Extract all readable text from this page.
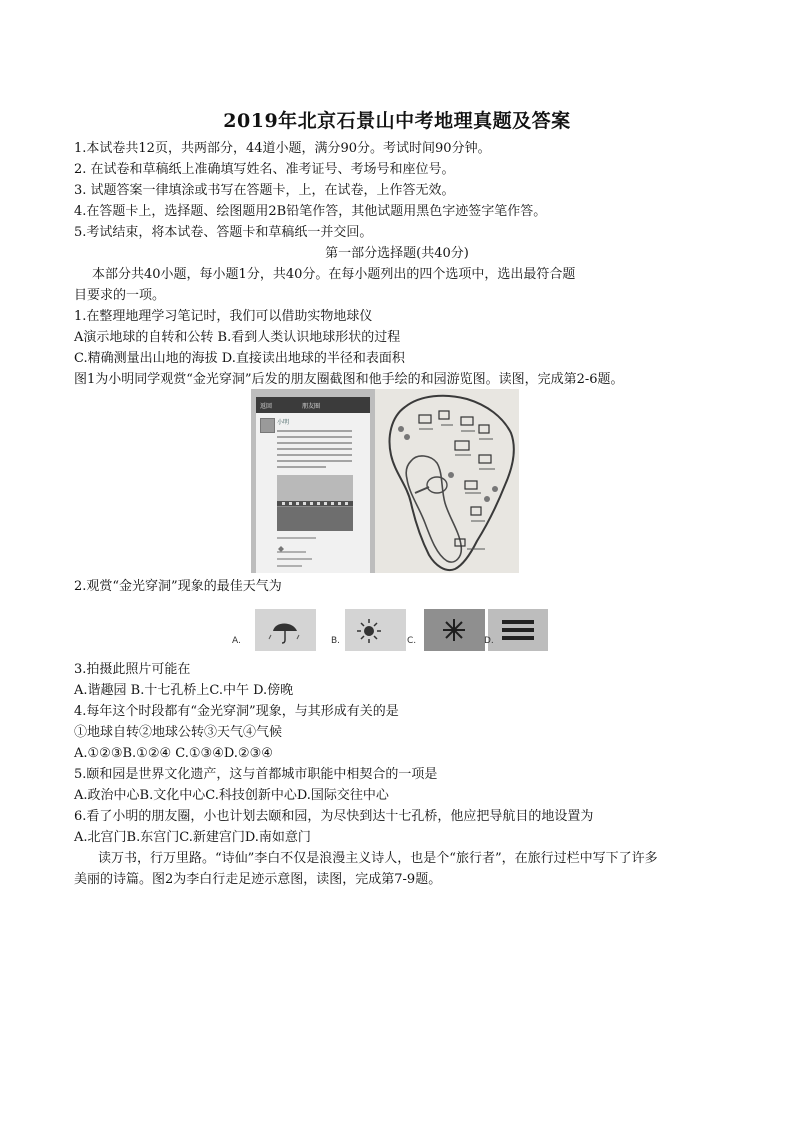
2019年北京石景山中考地理真题及答案
1.本试卷共12页，共两部分，44道小题，满分90分。考试时间90分钟。
2. 在试卷和草稿纸上准确填写姓名、准考证号、考场号和座位号。
3. 试题答案一律填涂或书写在答题卡，上，在试卷，上作答无效。
4.在答题卡上，选择题、绘图题用2B铅笔作答，其他试题用黑色字迹签字笔作答。
5.考试结束，将本试卷、答题卡和草稿纸一并交回。
第一部分选择题(共40分)
本部分共40小题，每小题1分，共40分。在每小题列出的四个选项中，选出最符合题
目要求的一项。
1.在整理地理学习笔记时，我们可以借助实物地球仪
A演示地球的自转和公转 B.看到人类认识地球形状的过程
C.精确测量出山地的海拔 D.直接读出地球的半径和表面积
图1为小明同学观赏“金光穿洞”后发的朋友圈截图和他手绘的和园游览图。读图，完成第2-6题。
返回	朋友圈
小明
2.观赏“金光穿洞”现象的最佳天气为
A.	B.	C.	D.
3.拍摄此照片可能在
A.谐趣园 B.十七孔桥上C.中午 D.傍晚
4.每年这个时段都有“金光穿洞”现象，与其形成有关的是
①地球自转②地球公转③天气④气候
A.①②③B.①②④ C.①③④D.②③④
5.颐和园是世界文化遗产，这与首都城市职能中相契合的一项是
A.政治中心B.文化中心C.科技创新中心D.国际交往中心
6.看了小明的朋友圈，小也计划去颐和园，为尽快到达十七孔桥，他应把导航目的地设置为
A.北宫门B.东宫门C.新建宫门D.南如意门
读万书，行万里路。“诗仙”李白不仅是浪漫主义诗人，也是个“旅行者”，在旅行过栏中写下了许多
美丽的诗篇。图2为李白行走足迹示意图，读图，完成第7-9题。
